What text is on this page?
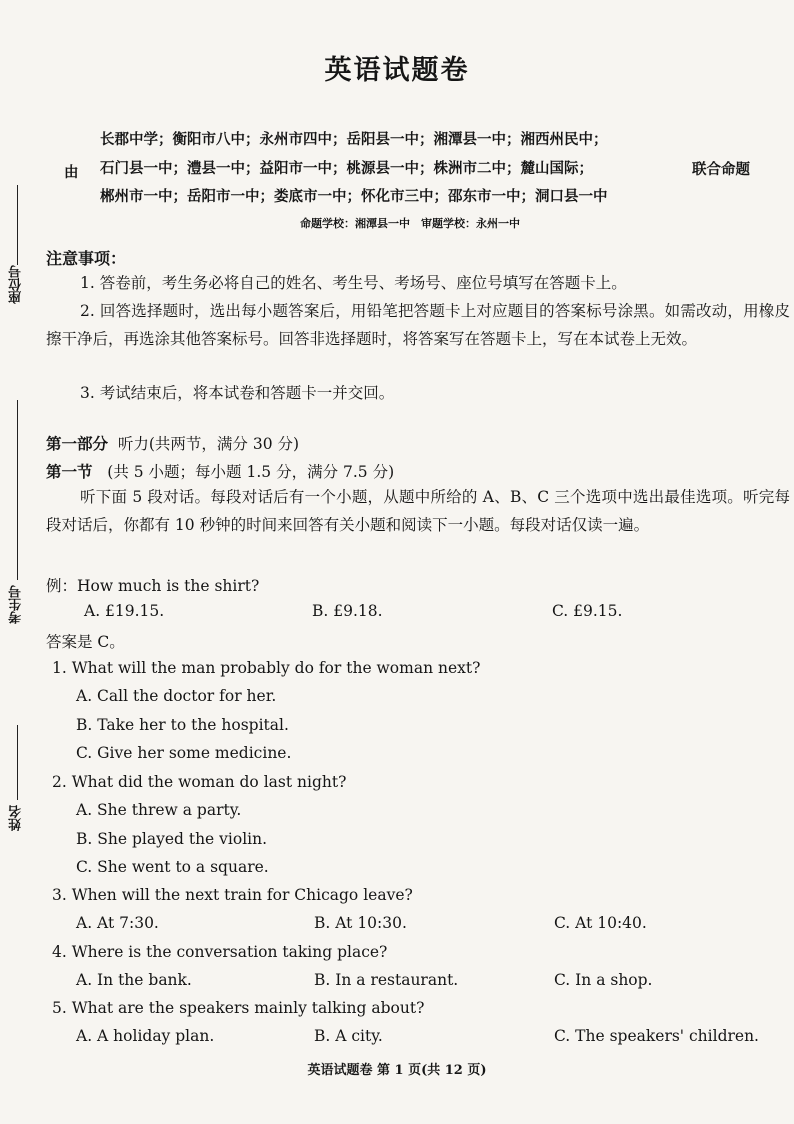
英语试题卷
由
长郡中学；衡阳市八中；永州市四中；岳阳县一中；湘潭县一中；湘西州民中；
石门县一中；澧县一中；益阳市一中；桃源县一中；株洲市二中；麓山国际；
郴州市一中；岳阳市一中；娄底市一中；怀化市三中；邵东市一中；洞口县一中
联合命题
命题学校：湘潭县一中　审题学校：永州一中
座位号
考生号
姓名
注意事项：
1. 答卷前，考生务必将自己的姓名、考生号、考场号、座位号填写在答题卡上。
2. 回答选择题时，选出每小题答案后，用铅笔把答题卡上对应题目的答案标号涂黑。如需改动，用橡皮擦干净后，再选涂其他答案标号。回答非选择题时，将答案写在答题卡上，写在本试卷上无效。
3. 考试结束后，将本试卷和答题卡一并交回。
第一部分 听力(共两节，满分 30 分)
第一节 (共 5 小题；每小题 1.5 分，满分 7.5 分)
听下面 5 段对话。每段对话后有一个小题，从题中所给的 A、B、C 三个选项中选出最佳选项。听完每段对话后，你都有 10 秒钟的时间来回答有关小题和阅读下一小题。每段对话仅读一遍。
例：How much is the shirt?
A. £19.15.	B. £9.18.	C. £9.15.
答案是 C。
1. What will the man probably do for the woman next?
A. Call the doctor for her.
B. Take her to the hospital.
C. Give her some medicine.
2. What did the woman do last night?
A. She threw a party.
B. She played the violin.
C. She went to a square.
3. When will the next train for Chicago leave?
A. At 7:30.	B. At 10:30.	C. At 10:40.
4. Where is the conversation taking place?
A. In the bank.	B. In a restaurant.	C. In a shop.
5. What are the speakers mainly talking about?
A. A holiday plan.	B. A city.	C. The speakers' children.
英语试题卷 第 1 页(共 12 页)
